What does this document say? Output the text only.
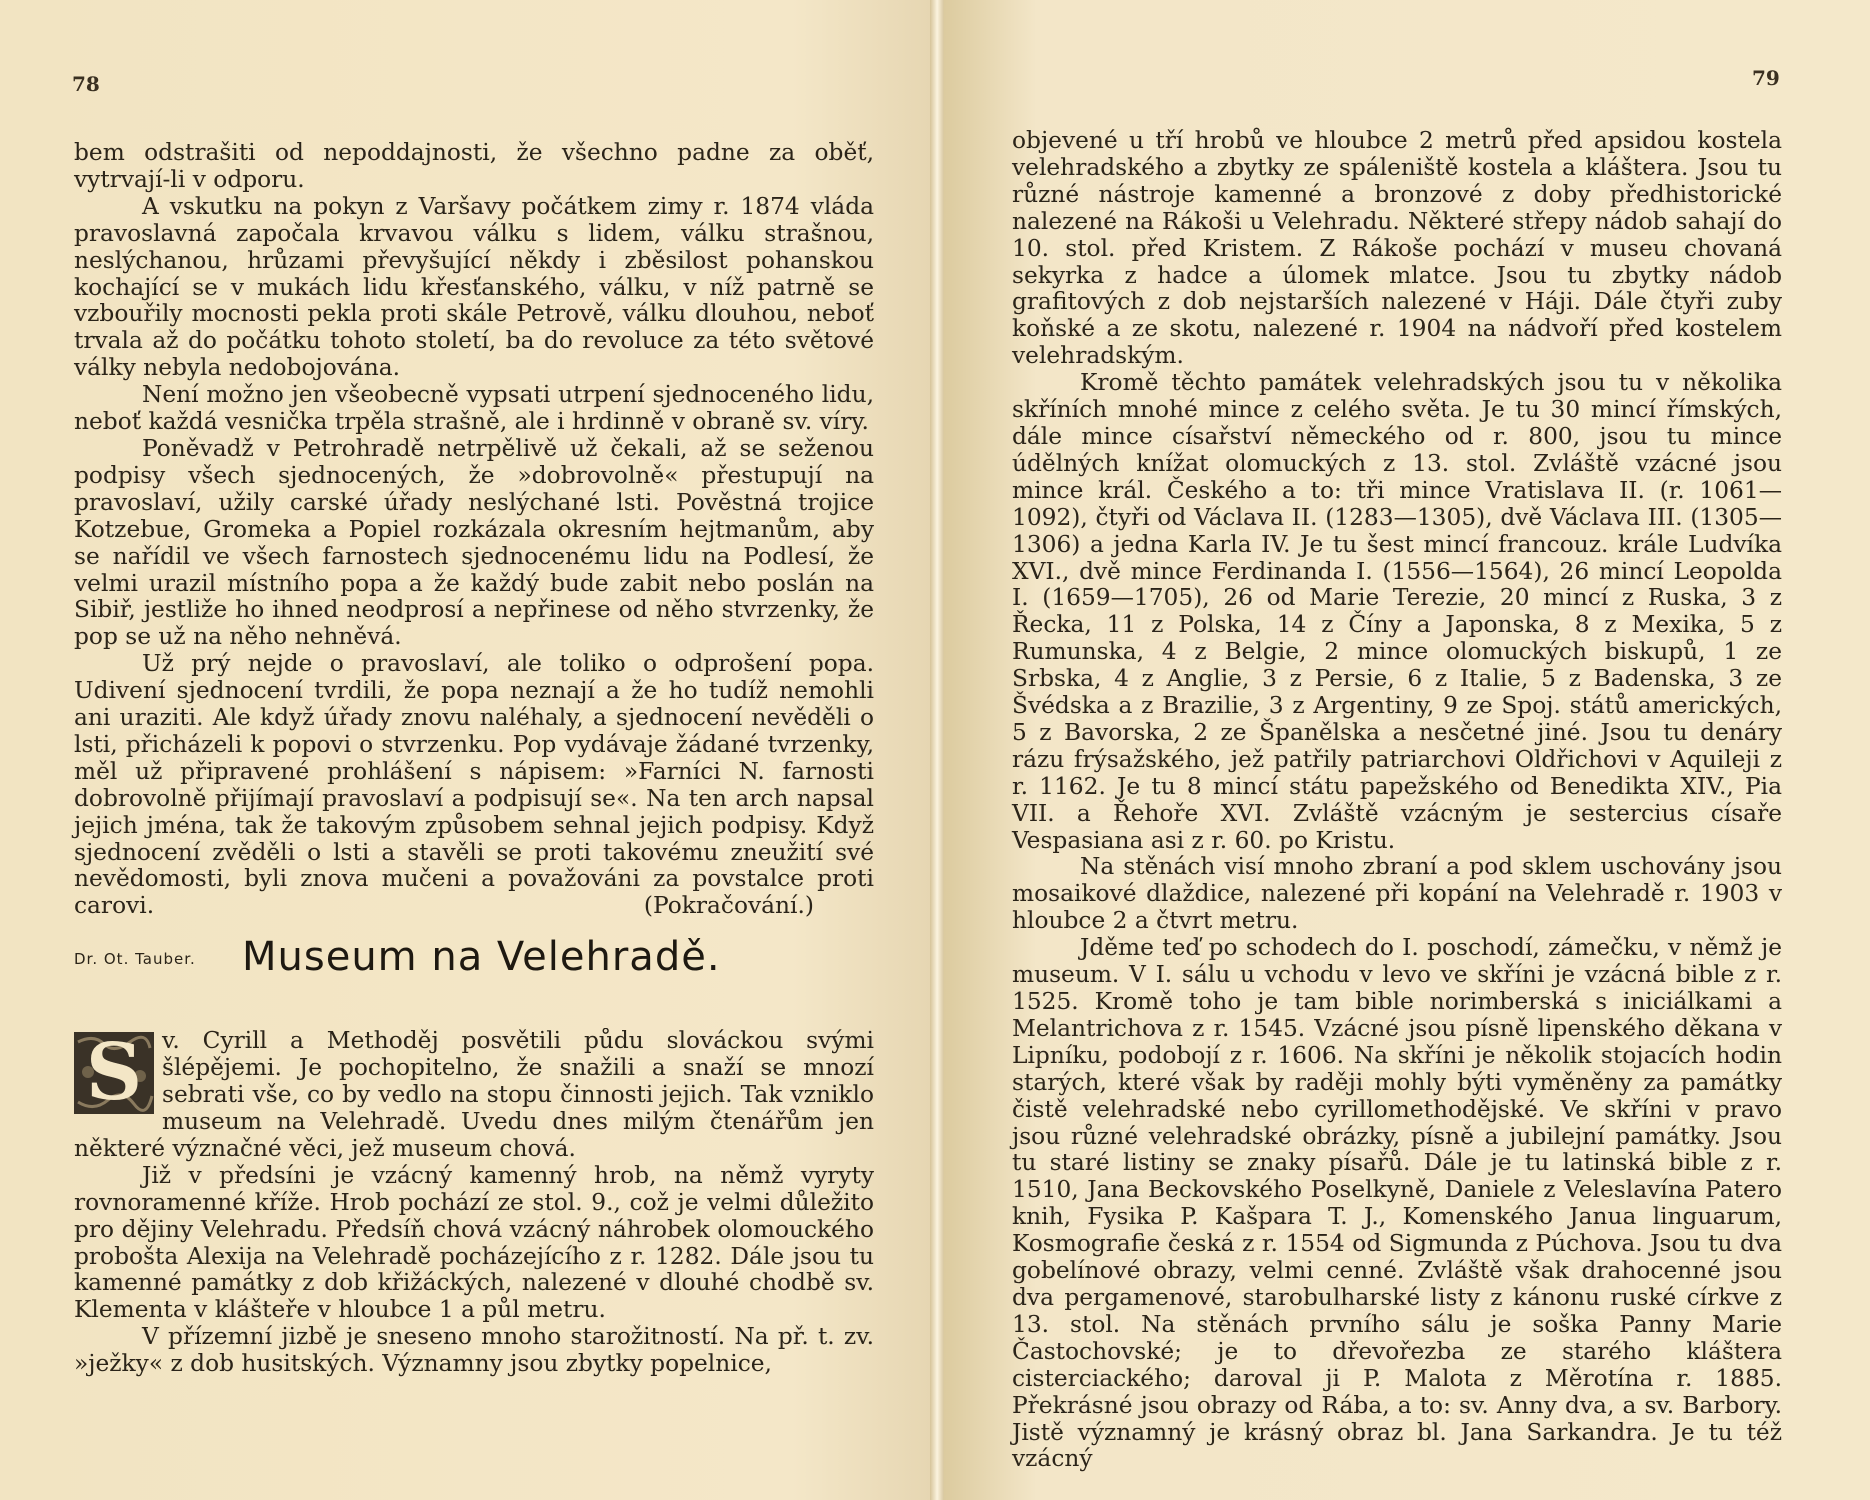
78

bem odstrašiti od nepoddajnosti, že všechno padne za oběť, vytrvají-li v odporu.

A vskutku na pokyn z Varšavy počátkem zimy r. 1874 vláda pravoslavná započala krvavou válku s lidem, válku strašnou, neslýchanou, hrůzami převyšující někdy i zběsilost pohanskou kochající se v mukách lidu křesťanského, válku, v níž patrně se vzbouřily mocnosti pekla proti skále Petrově, válku dlouhou, neboť trvala až do počátku tohoto století, ba do revoluce za této světové války nebyla nedobojována.

Není možno jen všeobecně vypsati utrpení sjednoceného lidu, neboť každá vesnička trpěla strašně, ale i hrdinně v obraně sv. víry.

Poněvadž v Petrohradě netrpělivě už čekali, až se seženou podpisy všech sjednocených, že »dobrovolně« přestupují na pravoslaví, užily carské úřady neslýchané lsti. Pověstná trojice Kotzebue, Gromeka a Popiel rozkázala okresním hejtmanům, aby se nařídil ve všech farnostech sjednocenému lidu na Podlesí, že velmi urazil místního popa a že každý bude zabit nebo poslán na Sibiř, jestliže ho ihned neodprosí a nepřinese od něho stvrzenky, že pop se už na něho nehněvá.

Už prý nejde o pravoslaví, ale toliko o odprošení popa. Udivení sjednocení tvrdili, že popa neznají a že ho tudíž nemohli ani uraziti. Ale když úřady znovu naléhaly, a sjednocení nevěděli o lsti, přicházeli k popovi o stvrzenku. Pop vydávaje žádané tvrzenky, měl už připravené prohlášení s nápisem: »Farníci N. farnosti dobrovolně přijímají pravoslaví a podpisují se«. Na ten arch napsal jejich jména, tak že takovým způsobem sehnal jejich podpisy. Když sjednocení zvěděli o lsti a stavěli se proti takovému zneužití své nevědomosti, byli znova mučeni a považováni za povstalce proti carovi.	(Pokračování.)

Dr. Ot. Tauber. Museum na Velehradě.
S v. Cyrill a Methoděj posvětili půdu slováckou svými šlépějemi. Je pochopitelno, že snažili a snaží se mnozí sebrati vše, co by vedlo na stopu činnosti jejich. Tak vzniklo museum na Velehradě. Uvedu dnes milým čtenářům jen některé význačné věci, jež museum chová.

Již v předsíni je vzácný kamenný hrob, na němž vyryty rovnoramenné kříže. Hrob pochází ze stol. 9., což je velmi důležito pro dějiny Velehradu. Předsíň chová vzácný náhrobek olomouckého probošta Alexija na Velehradě pocházejícího z r. 1282. Dále jsou tu kamenné památky z dob křižáckých, nalezené v dlouhé chodbě sv. Klementa v klášteře v hloubce 1 a půl metru.

V přízemní jizbě je sneseno mnoho starožitností. Na př. t. zv. »ježky« z dob husitských. Významny jsou zbytky popelnice,

79

objevené u tří hrobů ve hloubce 2 metrů před apsidou kostela velehradského a zbytky ze spáleniště kostela a kláštera. Jsou tu různé nástroje kamenné a bronzové z doby předhistorické nalezené na Rákoši u Velehradu. Některé střepy nádob sahají do 10. stol. před Kristem. Z Rákoše pochází v museu chovaná sekyrka z hadce a úlomek mlatce. Jsou tu zbytky nádob grafitových z dob nejstarších nalezené v Háji. Dále čtyři zuby koňské a ze skotu, nalezené r. 1904 na nádvoří před kostelem velehradským.

Kromě těchto památek velehradských jsou tu v několika skříních mnohé mince z celého světa. Je tu 30 mincí římských, dále mince císařství německého od r. 800, jsou tu mince údělných knížat olomuckých z 13. stol. Zvláště vzácné jsou mince král. Českého a to: tři mince Vratislava II. (r. 1061—1092), čtyři od Václava II. (1283—1305), dvě Václava III. (1305—1306) a jedna Karla IV. Je tu šest mincí francouz. krále Ludvíka XVI., dvě mince Ferdinanda I. (1556—1564), 26 mincí Leopolda I. (1659—1705), 26 od Marie Terezie, 20 mincí z Ruska, 3 z Řecka, 11 z Polska, 14 z Číny a Japonska, 8 z Mexika, 5 z Rumunska, 4 z Belgie, 2 mince olomuckých biskupů, 1 ze Srbska, 4 z Anglie, 3 z Persie, 6 z Italie, 5 z Badenska, 3 ze Švédska a z Brazilie, 3 z Argentiny, 9 ze Spoj. států amerických, 5 z Bavorska, 2 ze Španělska a nesčetné jiné. Jsou tu denáry rázu frýsažského, jež patřily patriarchovi Oldřichovi v Aquileji z r. 1162. Je tu 8 mincí státu papežského od Benedikta XIV., Pia VII. a Řehoře XVI. Zvláště vzácným je sestercius císaře Vespasiana asi z r. 60. po Kristu.

Na stěnách visí mnoho zbraní a pod sklem uschovány jsou mosaikové dlaždice, nalezené při kopání na Velehradě r. 1903 v hloubce 2 a čtvrt metru.

Jděme teď po schodech do I. poschodí, zámečku, v němž je museum. V I. sálu u vchodu v levo ve skříni je vzácná bible z r. 1525. Kromě toho je tam bible norimberská s iniciálkami a Melantrichova z r. 1545. Vzácné jsou písně lipenského děkana v Lipníku, podobojí z r. 1606. Na skříni je několik stojacích hodin starých, které však by raději mohly býti vyměněny za památky čistě velehradské nebo cyrillomethodějské. Ve skříni v pravo jsou různé velehradské obrázky, písně a jubilejní památky. Jsou tu staré listiny se znaky písařů. Dále je tu latinská bible z r. 1510, Jana Beckovského Poselkyně, Daniele z Veleslavína Patero knih, Fysika P. Kašpara T. J., Komenského Janua linguarum, Kosmografie česká z r. 1554 od Sigmunda z Púchova. Jsou tu dva gobelínové obrazy, velmi cenné. Zvláště však drahocenné jsou dva pergamenové, starobulharské listy z kánonu ruské církve z 13. stol. Na stěnách prvního sálu je soška Panny Marie Častochovské; je to dřevořezba ze starého kláštera cisterciackého; daroval ji P. Malota z Měrotína r. 1885. Překrásné jsou obrazy od Rába, a to: sv. Anny dva, a sv. Barbory. Jistě významný je krásný obraz bl. Jana Sarkandra. Je tu též vzácný
